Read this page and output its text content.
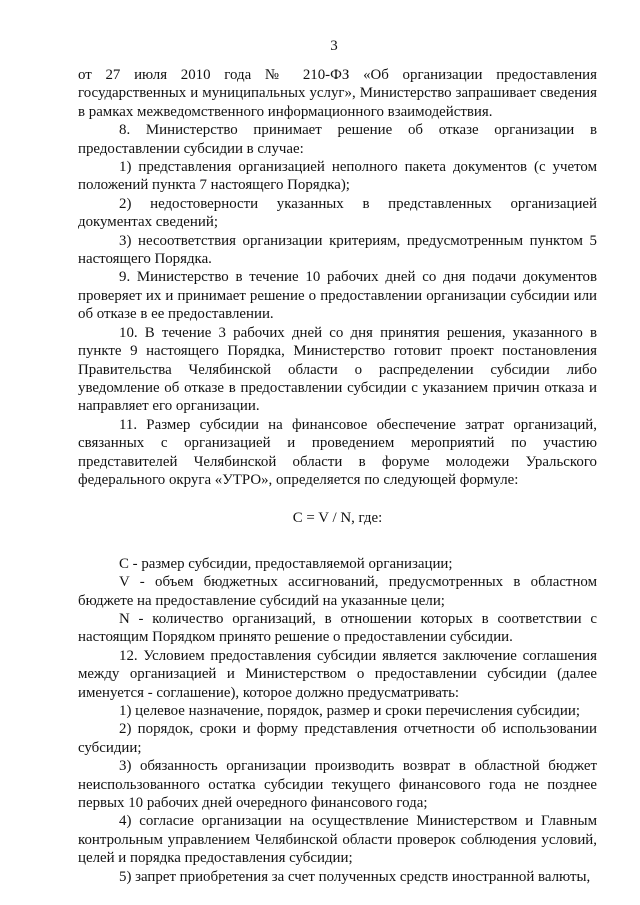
3

от 27 июля 2010 года № 210-ФЗ «Об организации предоставления государственных и муниципальных услуг», Министерство запрашивает сведения в рамках межведомственного информационного взаимодействия.

8. Министерство принимает решение об отказе организации в предоставлении субсидии в случае:

1) представления организацией неполного пакета документов (с учетом положений пункта 7 настоящего Порядка);

2) недостоверности указанных в представленных организацией документах сведений;

3) несоответствия организации критериям, предусмотренным пунктом 5 настоящего Порядка.

9. Министерство в течение 10 рабочих дней со дня подачи документов проверяет их и принимает решение о предоставлении организации субсидии или об отказе в ее предоставлении.

10. В течение 3 рабочих дней со дня принятия решения, указанного в пункте 9 настоящего Порядка, Министерство готовит проект постановления Правительства Челябинской области о распределении субсидии либо уведомление об отказе в предоставлении субсидии с указанием причин отказа и направляет его организации.

11. Размер субсидии на финансовое обеспечение затрат организаций, связанных с организацией и проведением мероприятий по участию представителей Челябинской области в форуме молодежи Уральского федерального округа «УТРО», определяется по следующей формуле:

C = V / N, где:

С - размер субсидии, предоставляемой организации;

V - объем бюджетных ассигнований, предусмотренных в областном бюджете на предоставление субсидий на указанные цели;

N - количество организаций, в отношении которых в соответствии с настоящим Порядком принято решение о предоставлении субсидии.

12. Условием предоставления субсидии является заключение соглашения между организацией и Министерством о предоставлении субсидии (далее именуется - соглашение), которое должно предусматривать:

1) целевое назначение, порядок, размер и сроки перечисления субсидии;

2) порядок, сроки и форму представления отчетности об использовании субсидии;

3) обязанность организации производить возврат в областной бюджет неиспользованного остатка субсидии текущего финансового года не позднее первых 10 рабочих дней очередного финансового года;

4) согласие организации на осуществление Министерством и Главным контрольным управлением Челябинской области проверок соблюдения условий, целей и порядка предоставления субсидии;

5) запрет приобретения за счет полученных средств иностранной валюты,
